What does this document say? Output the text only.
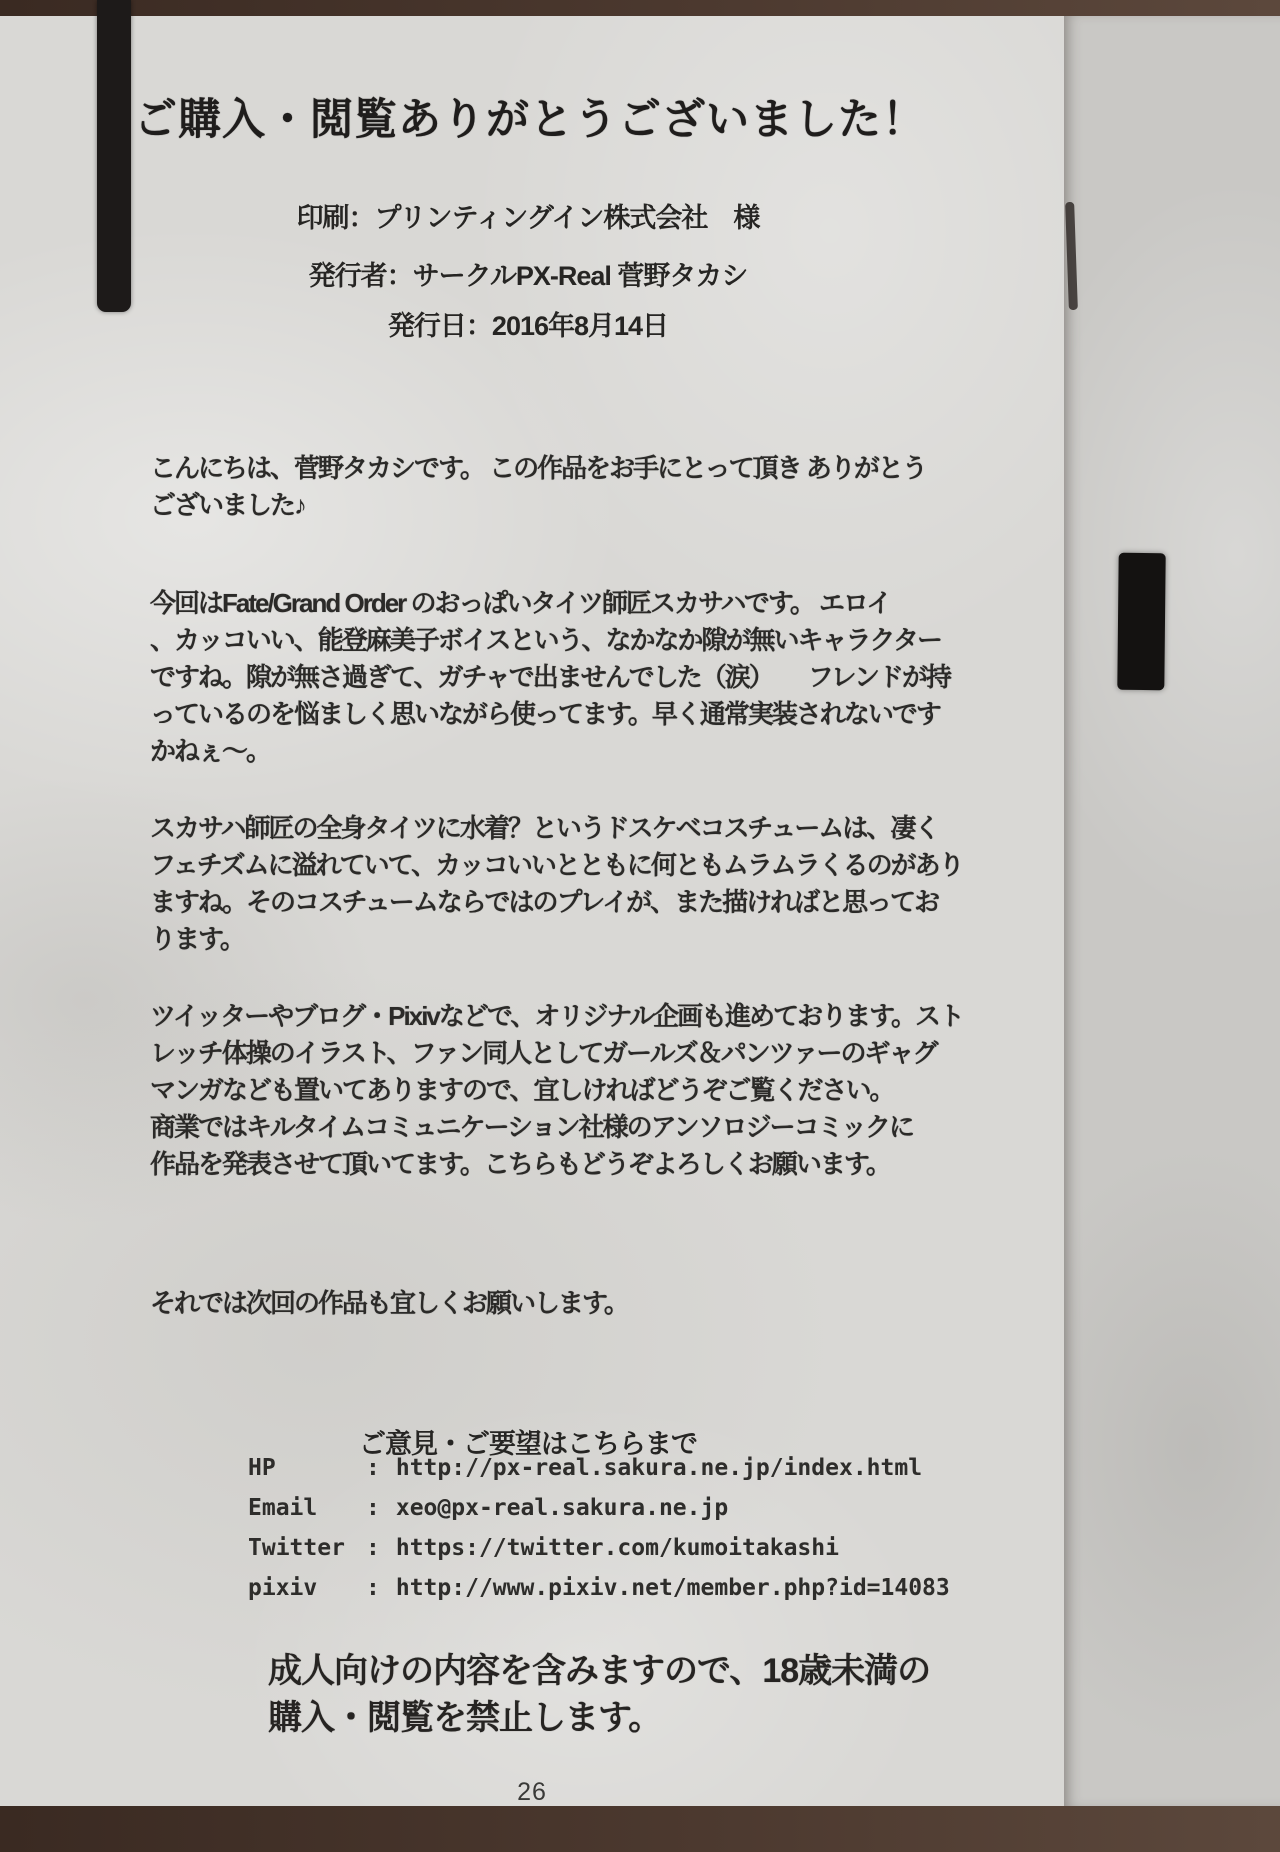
ご購入・閲覧ありがとうございました！
印刷：プリンティングイン株式会社　様
発行者：サークルPX-Real 菅野タカシ
発行日：2016年8月14日
こんにちは、菅野タカシです。 この作品をお手にとって頂き ありがとう
ございました♪
今回はFate/Grand Order のおっぱいタイツ師匠スカサハです。 エロイ
、カッコいい、能登麻美子ボイスという、なかなか隙が無いキャラクター
ですね。隙が無さ過ぎて、ガチャで出ませんでした（涙）　　フレンドが持
っているのを悩ましく思いながら使ってます。早く通常実装されないです
かねぇ～。
スカサハ師匠の全身タイツに水着？というドスケベコスチュームは、凄く
フェチズムに溢れていて、カッコいいとともに何ともムラムラくるのがあり
ますね。そのコスチュームならではのプレイが、また描ければと思ってお
ります。
ツイッターやブログ・Pixivなどで、オリジナル企画も進めております。スト
レッチ体操のイラスト、ファン同人としてガールズ＆パンツァーのギャグ
マンガなども置いてありますので、宜しければどうぞご覧ください。
商業ではキルタイムコミュニケーション社様のアンソロジーコミックに
作品を発表させて頂いてます。こちらもどうぞよろしくお願います。
それでは次回の作品も宜しくお願いします。
ご意見・ご要望はこちらまで
HP	: http://px-real.sakura.ne.jp/index.html
Email	: xeo@px-real.sakura.ne.jp
Twitter : https://twitter.com/kumoitakashi
pixiv	: http://www.pixiv.net/member.php?id=14083
成人向けの内容を含みますので、18歳未満の
購入・閲覧を禁止します。
26
